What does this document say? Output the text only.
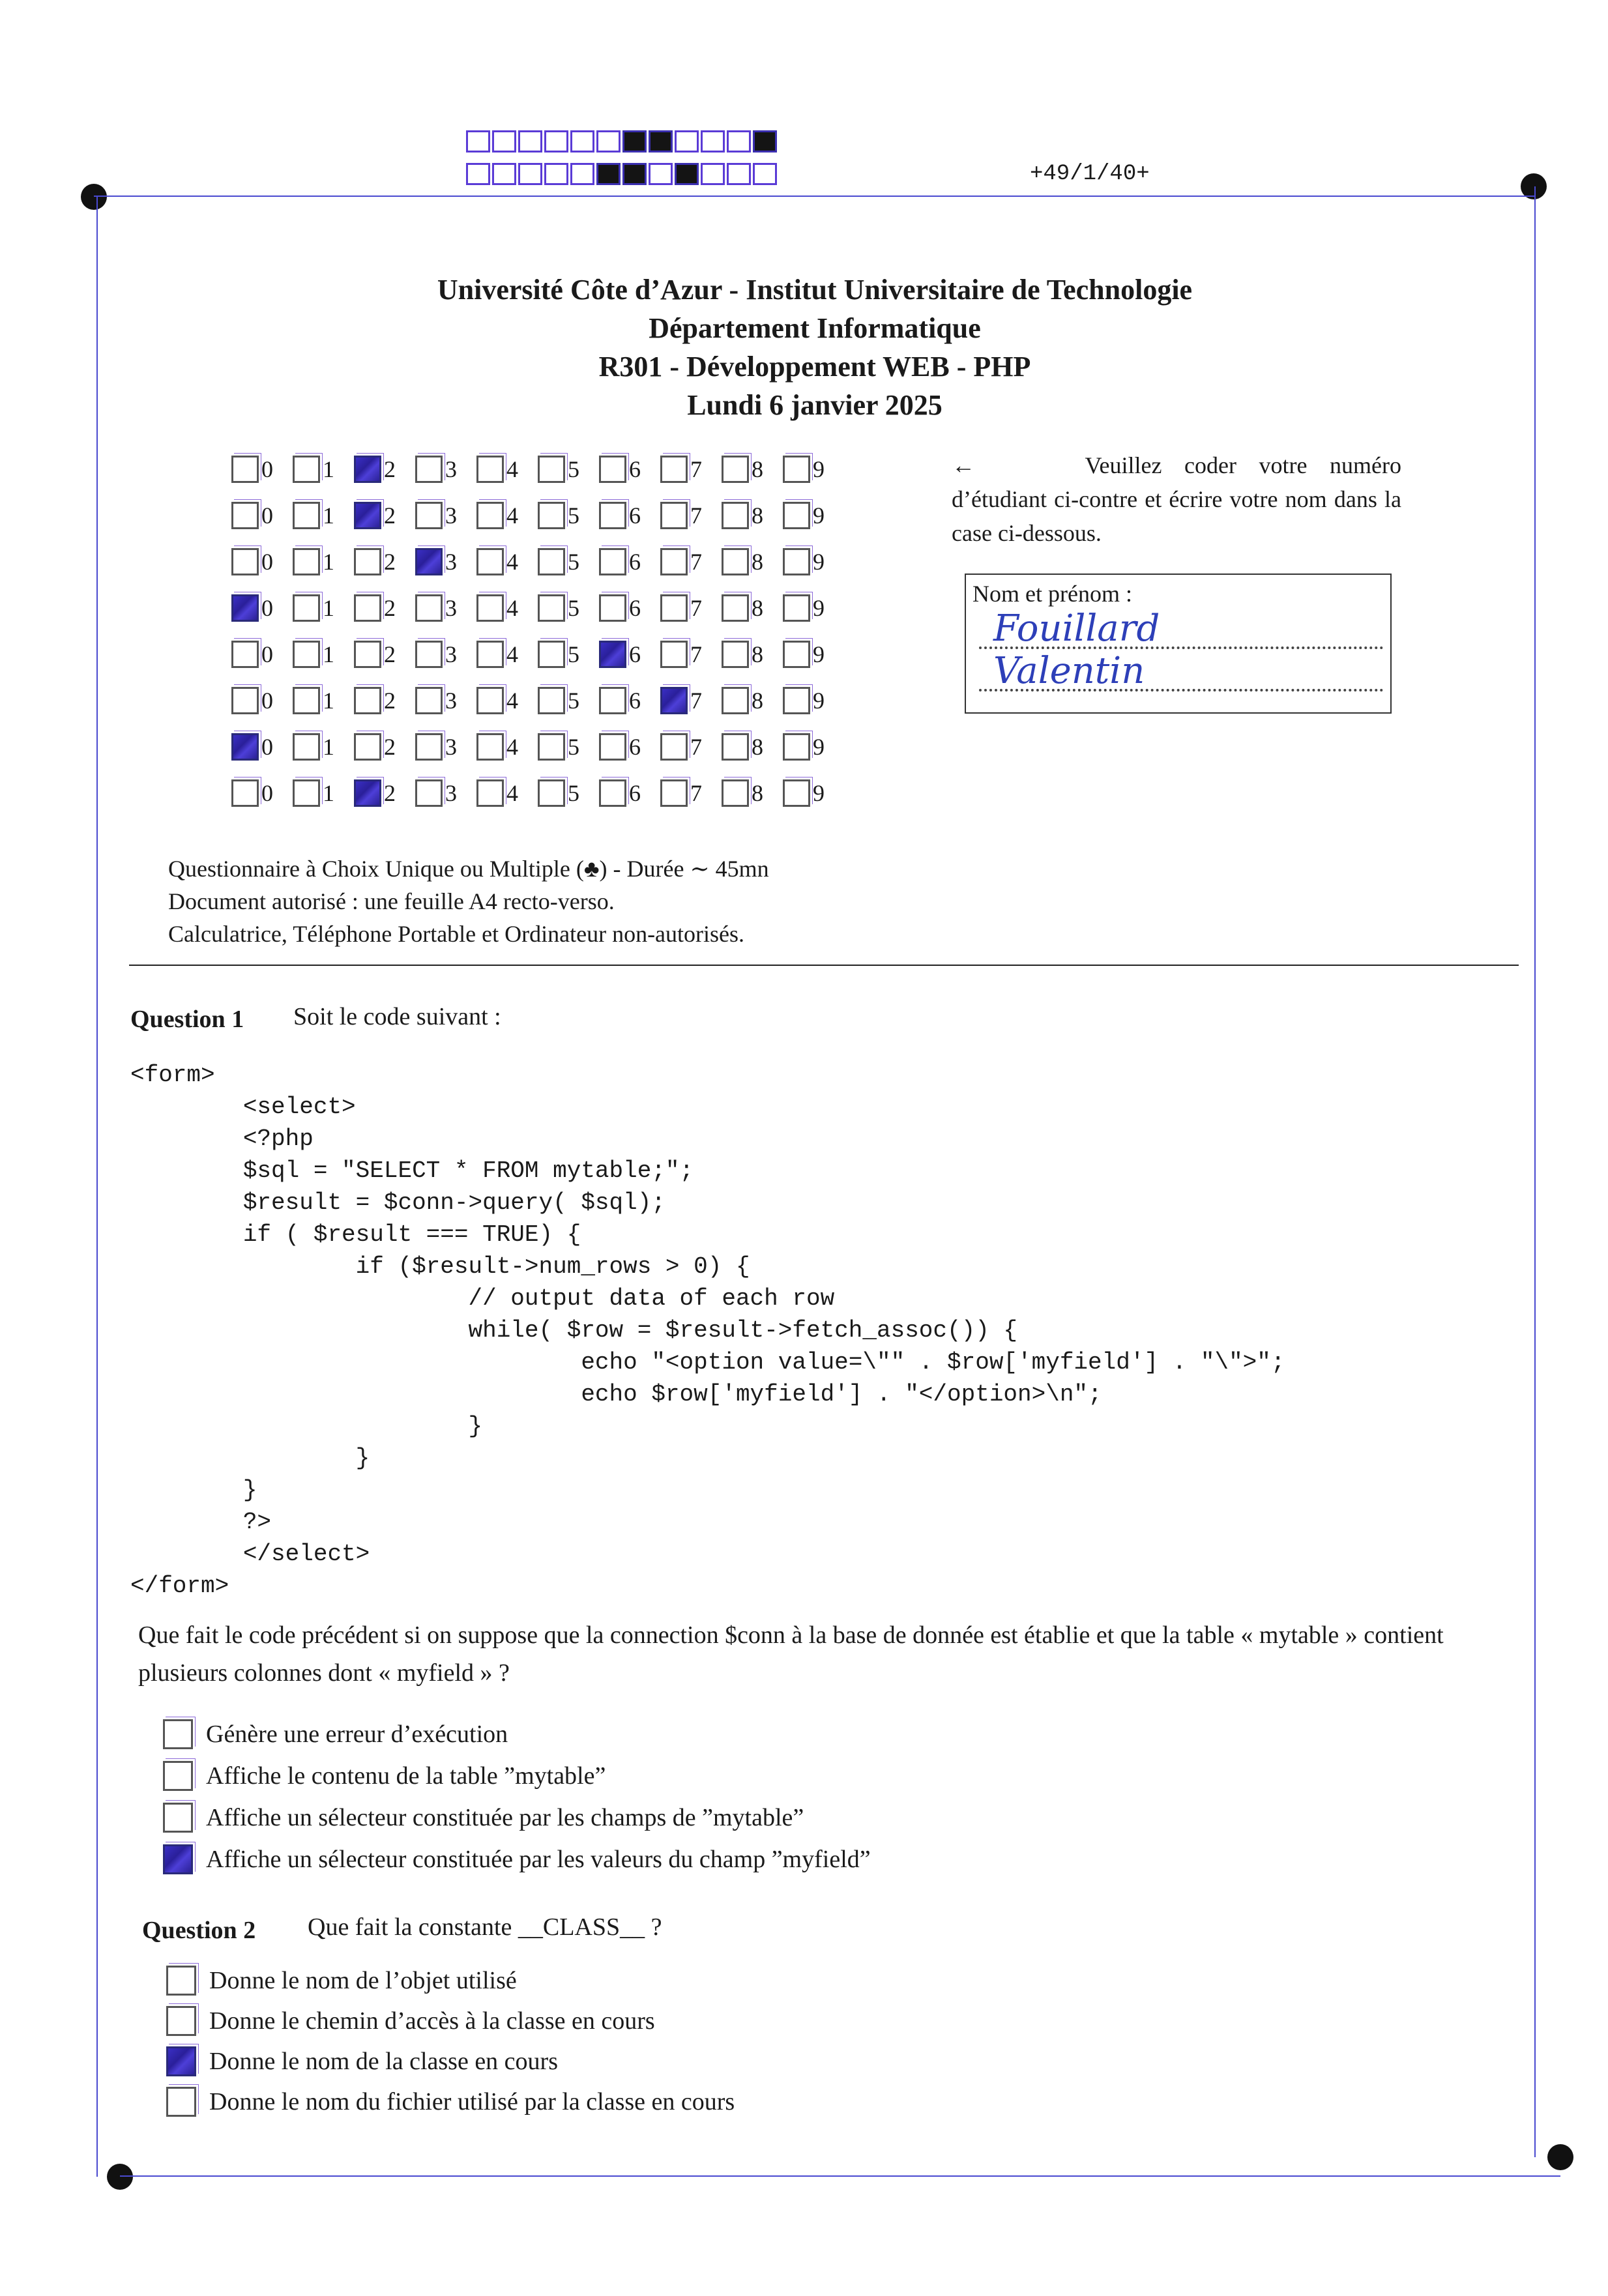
+49/1/40+
Université Côte d’Azur - Institut Universitaire de Technologie
Département Informatique
R301 - Développement WEB - PHP
Lundi 6 janvier 2025
0 1 2 3 4 5 6 7 8 9
0 1 2 3 4 5 6 7 8 9
0 1 2 3 4 5 6 7 8 9
0 1 2 3 4 5 6 7 8 9
0 1 2 3 4 5 6 7 8 9
0 1 2 3 4 5 6 7 8 9
0 1 2 3 4 5 6 7 8 9
0 1 2 3 4 5 6 7 8 9
←	Veuillez coder votre numéro d’étudiant ci-contre et écrire votre nom dans la case ci-dessous.
Nom et prénom :
Fouillard
Valentin
Questionnaire à Choix Unique ou Multiple (♣) - Durée ∼ 45mn
Document autorisé : une feuille A4 recto-verso.
Calculatrice, Téléphone Portable et Ordinateur non-autorisés.
Question 1 Soit le code suivant :
<form>
<select>
<?php
$sql = "SELECT * FROM mytable;";
$result = $conn->query( $sql);
if ( $result === TRUE) {
if ($result->num_rows > 0) {
// output data of each row
while( $row = $result->fetch_assoc()) {
echo "<option value=\"" . $row['myfield'] . "\">";
echo $row['myfield'] . "</option>\n";
}
}
}
?>
</select>
</form>
Que fait le code précédent si on suppose que la connection $conn à la base de donnée est établie et que la table « mytable » contient plusieurs colonnes dont « myfield » ?
Génère une erreur d’exécution
Affiche le contenu de la table ”mytable”
Affiche un sélecteur constituée par les champs de ”mytable”
Affiche un sélecteur constituée par les valeurs du champ ”myfield”
Question 2 Que fait la constante __CLASS__ ?
Donne le nom de l’objet utilisé
Donne le chemin d’accès à la classe en cours
Donne le nom de la classe en cours
Donne le nom du fichier utilisé par la classe en cours
